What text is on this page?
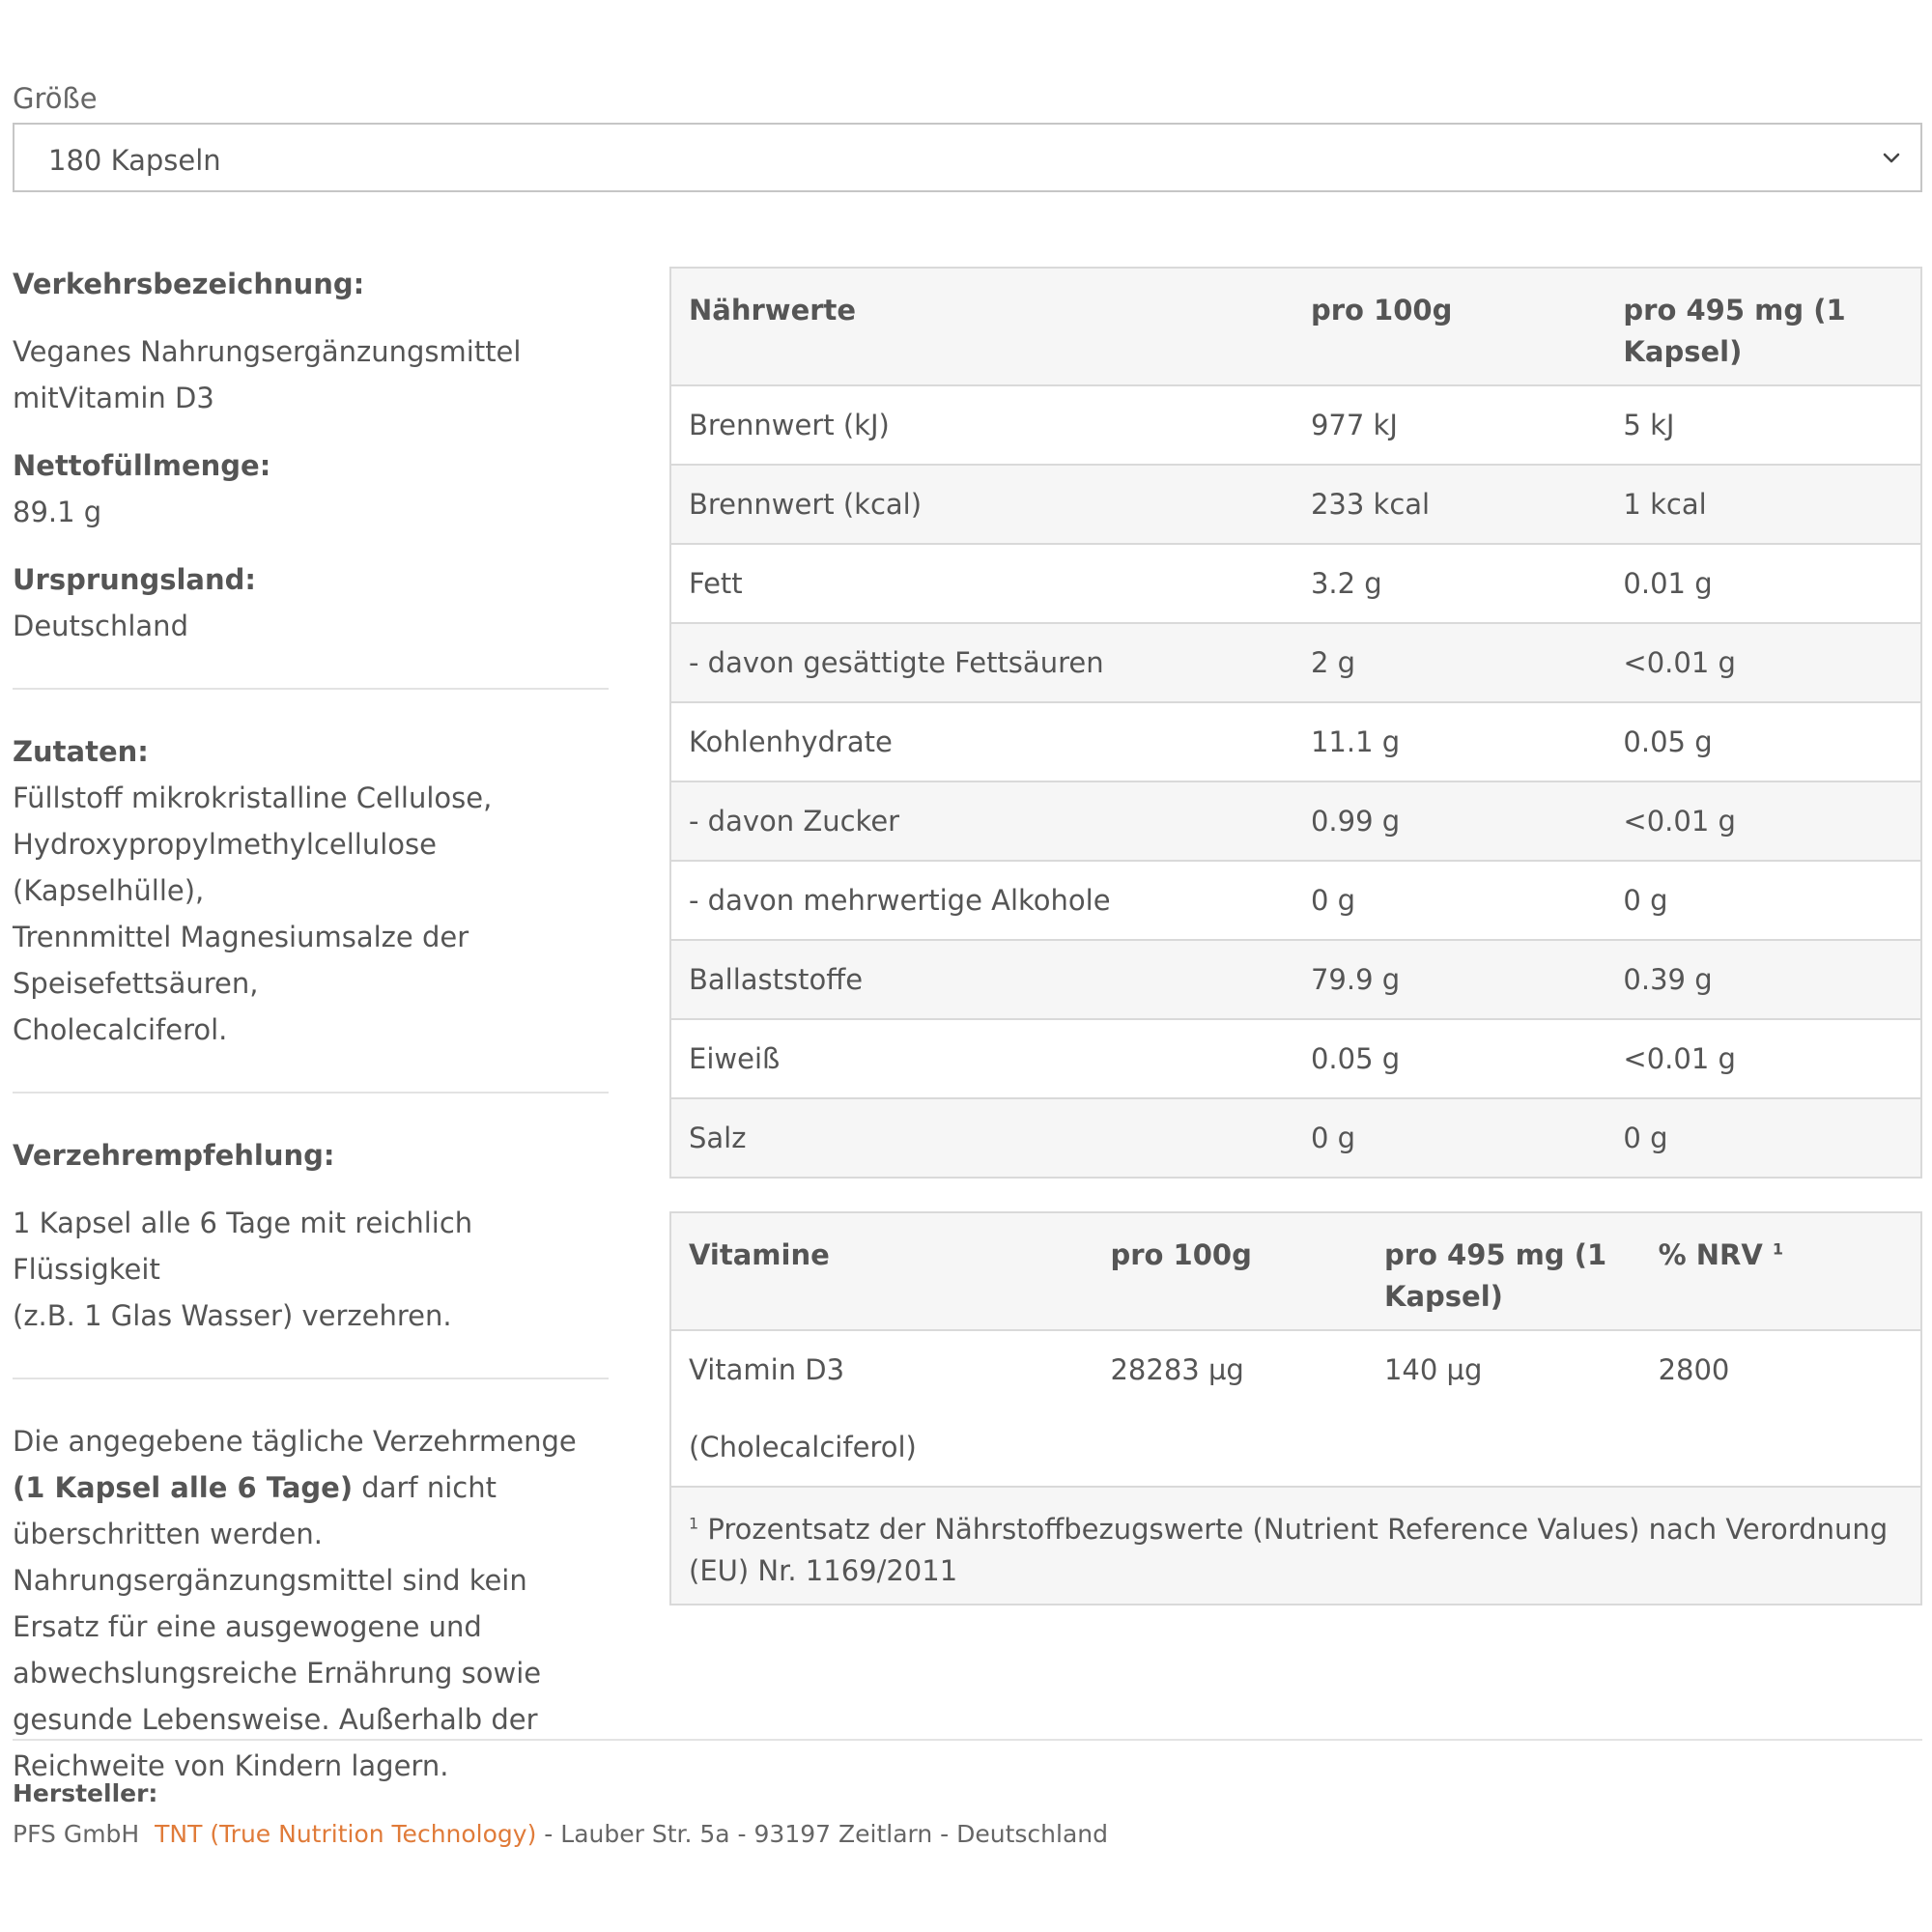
Größe
180 Kapseln

Verkehrsbezeichnung:

Veganes Nahrungsergänzungsmittel

mitVitamin D3

Nettofüllmenge:

89.1 g

Ursprungsland:

Deutschland

Zutaten:

Füllstoff mikrokristalline Cellulose,

Hydroxypropylmethylcellulose

(Kapselhülle),

Trennmittel Magnesiumsalze der

Speisefettsäuren,

Cholecalciferol.

Verzehrempfehlung:

1 Kapsel alle 6 Tage mit reichlich Flüssigkeit

(z.B. 1 Glas Wasser) verzehren.

Die angegebene tägliche Verzehrmenge (1 Kapsel alle 6 Tage) darf nicht überschritten werden. Nahrungsergänzungsmittel sind kein Ersatz für eine ausgewogene und abwechslungsreiche Ernährung sowie gesunde Lebensweise. Außerhalb der Reichweite von Kindern lagern.

Nährwerte	pro 100g	pro 495 mg (1 Kapsel)
Brennwert (kJ)	977 kJ	5 kJ
Brennwert (kcal)	233 kcal	1 kcal
Fett	3.2 g	0.01 g
- davon gesättigte Fettsäuren	2 g	<0.01 g
Kohlenhydrate	11.1 g	0.05 g
- davon Zucker	0.99 g	<0.01 g
- davon mehrwertige Alkohole	0 g	0 g
Ballaststoffe	79.9 g	0.39 g
Eiweiß	0.05 g	<0.01 g
Salz	0 g	0 g
Vitamine	pro 100g	pro 495 mg (1 Kapsel)	% NRV $^1$
Vitamin D3 (Cholecalciferol)	28283 µg	140 µg	2800
$^1$ Prozentsatz der Nährstoffbezugswerte (Nutrient Reference Values) nach Verordnung (EU) Nr. 1169/2011			
Hersteller:
PFS GmbH TNT (True Nutrition Technology) - Lauber Str. 5a - 93197 Zeitlarn - Deutschland
